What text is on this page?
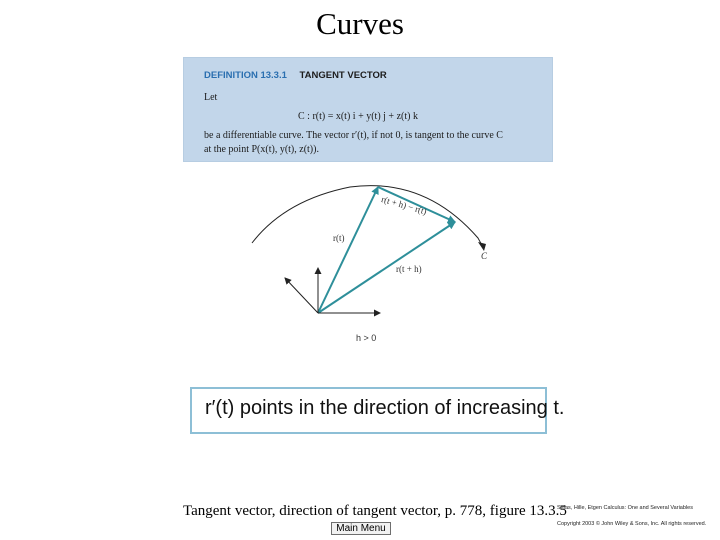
Curves
DEFINITION 13.3.1 TANGENT VECTOR
Let
C : r(t) = x(t) i + y(t) j + z(t) k
be a differentiable curve. The vector r′(t), if not 0, is tangent to the curve C
at the point P(x(t), y(t), z(t)).
r(t + h) − r(t)
r(t)
C
r(t + h)
h > 0
r′(t) points in the direction of increasing t.
Tangent vector, direction of tangent vector, p. 778, figure 13.3.5
Main Menu
Salas, Hille, Etgen Calculus: One and Several Variables
Copyright 2003 © John Wiley & Sons, Inc. All rights reserved.
